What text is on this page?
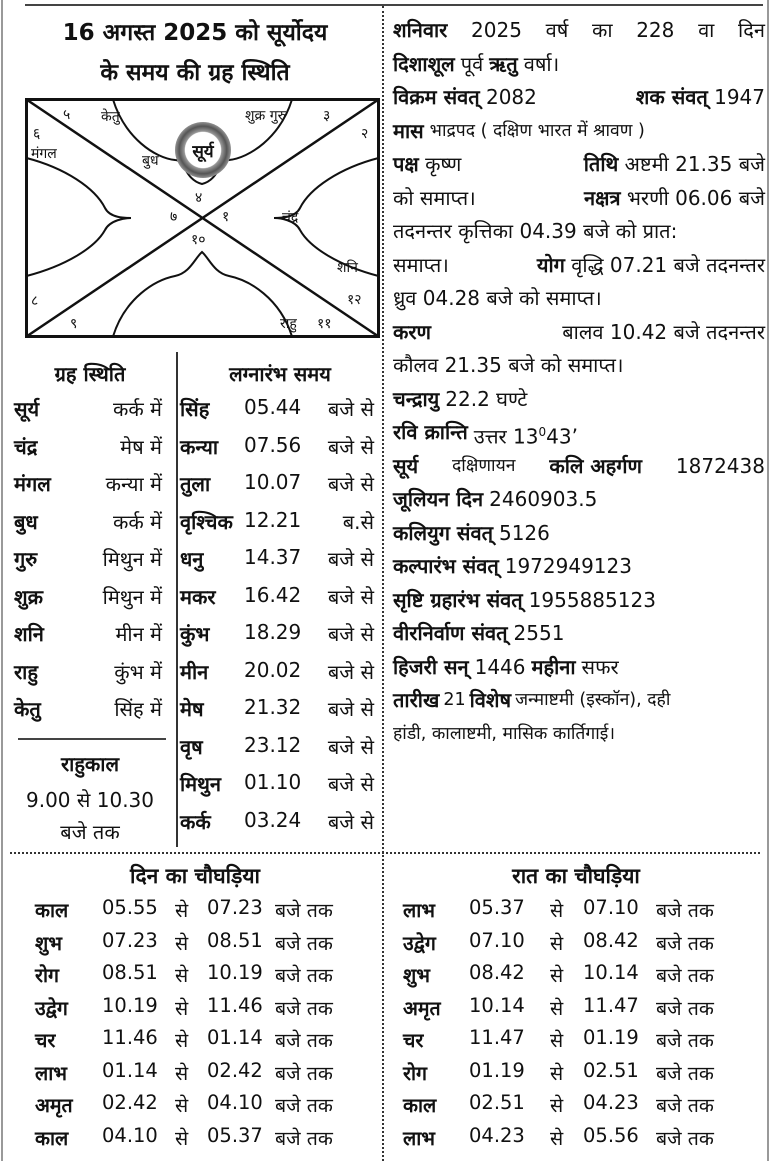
16 अगस्त 2025 को सूर्योदय
के समय की ग्रह स्थिति
सूर्य
५ केतु	शुक्र गुरु	३
२
६
मंगल	बुध
४
७	१	चंद्र
१०
शनि
८	१२
९	राहु ११
ग्रह स्थिति
सूर्य	कर्क में
चंद्र	मेष में
मंगल	कन्या में
बुध	कर्क में
गुरु	मिथुन में
शुक्र	मिथुन में
शनि	मीन में
राहु	कुंभ में
केतु	सिंह में
राहुकाल
9.00 से 10.30
बजे तक
लग्नारंभ समय
सिंह 05.44 बजे से
कन्या 07.56 बजे से
तुला 10.07 बजे से
वृश्चिक 12.21 ब.से
धनु 14.37 बजे से
मकर 16.42 बजे से
कुंभ 18.29 बजे से
मीन 20.02 बजे से
मेष 21.32 बजे से
वृष 23.12 बजे से
मिथुन 01.10 बजे से
कर्क 03.24 बजे से
शनिवार 2025 वर्ष का 228 वा दिन
दिशाशूल पूर्व ऋतु वर्षा।
विक्रम संवत् 2082	शक संवत् 1947
मास भाद्रपद ( दक्षिण भारत में श्रावण )
पक्ष कृष्ण	तिथि अष्टमी 21.35 बजे
को समाप्त।	नक्षत्र भरणी 06.06 बजे
तदनन्तर कृत्तिका 04.39 बजे को प्रात:
समाप्त।	योग वृद्धि 07.21 बजे तदनन्तर
ध्रुव 04.28 बजे को समाप्त।
करण	बालव 10.42 बजे तदनन्तर
कौलव 21.35 बजे को समाप्त।
चन्द्रायु 22.2 घण्टे
रवि क्रान्ति उत्तर $13^043$’
सूर्य दक्षिणायन कलि अहर्गण 1872438
जूलियन दिन 2460903.5
कलियुग संवत् 5126
कल्पारंभ संवत् 1972949123
सृष्टि ग्रहारंभ संवत् 1955885123
वीरनिर्वाण संवत् 2551
हिजरी सन् 1446 महीना सफर
तारीख 21 विशेष जन्माष्टमी (इस्कॉन), दही
हांडी, कालाष्टमी, मासिक कार्तिगाई।
दिन का चौघड़िया	रात का चौघड़िया
काल 05.55 से 07.23 बजे तक
शुभ 07.23 से 08.51 बजे तक
रोग 08.51 से 10.19 बजे तक
उद्वेग 10.19 से 11.46 बजे तक
चर 11.46 से 01.14 बजे तक
लाभ 01.14 से 02.42 बजे तक
अमृत 02.42 से 04.10 बजे तक
काल 04.10 से 05.37 बजे तक
लाभ 05.37 से 07.10 बजे तक
उद्वेग 07.10 से 08.42 बजे तक
शुभ 08.42 से 10.14 बजे तक
अमृत 10.14 से 11.47 बजे तक
चर 11.47 से 01.19 बजे तक
रोग 01.19 से 02.51 बजे तक
काल 02.51 से 04.23 बजे तक
लाभ 04.23 से 05.56 बजे तक
